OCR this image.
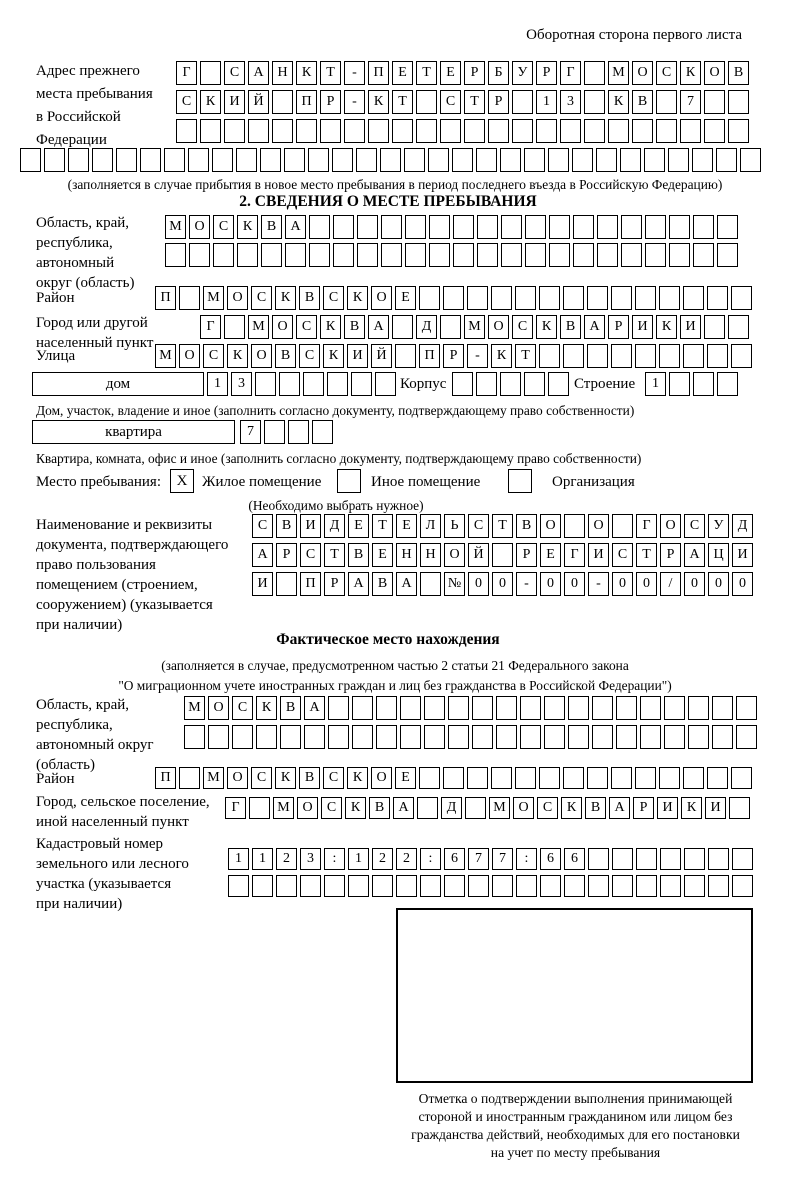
Оборотная сторона первого листа
Адрес прежнего
места пребывания
в Российской
Федерации
Г	С	А Н	К	Т	-	П	Е	Т	Е	Р	Б	У	Р	Г	М О	С	К	О	В
С	К	И Й	П	Р	-	К	Т	С	Т	Р	1	3	К	В	7
(заполняется в случае прибытия в новое место пребывания в период последнего въезда в Российскую Федерацию)
2. СВЕДЕНИЯ О МЕСТЕ ПРЕБЫВАНИЯ
Область, край,
республика,
автономный
округ (область)
М О	С	К	В	А
Район	П	М О	С	К	В	С	К	О	Е
Город или другой
населенный пункт
Г	М О	С	К	В	А	Д	М О	С	К	В	А	Р	И	К	И
Улица	М О	С	К	О	В	С	К	И Й	П	Р	-	К	Т
дом	1	3	Корпус	Строение	1
Дом, участок, владение и иное (заполнить согласно документу, подтверждающему право собственности)
квартира	7
Квартира, комната, офис и иное (заполнить согласно документу, подтверждающему право собственности)
Место пребывания:	X Жилое помещение	Иное помещение	Организация
(Необходимо выбрать нужное)
Наименование и реквизиты
документа, подтверждающего
право пользования
помещением (строением,
сооружением) (указывается
при наличии)
С	В	И	Д	Е	Т	Е	Л	Ь	С	Т	В	О	О	Г	О	С	У	Д
А	Р	С	Т	В	Е	Н Н О Й	Р	Е	Г	И	С	Т	Р	А Ц И
И	П	Р	А	В	А	№ 0	0	-	0	0	-	0	0	/	0	0	0
Фактическое место нахождения
(заполняется в случае, предусмотренном частью 2 статьи 21 Федерального закона
"О миграционном учете иностранных граждан и лиц без гражданства в Российской Федерации")
Область, край,
республика,
автономный округ
(область)
М О	С	К	В	А
Район	П	М О	С	К	В	С	К	О	Е
Город, сельское поселение,
иной населенный пункт
Г	М О	С	К	В	А	Д	М О	С	К	В	А	Р	И	К	И
Кадастровый номер
земельного или лесного
участка (указывается
при наличии)
1	1	2	3	:	1	2	2	:	6	7	7	:	6	6
Отметка о подтверждении выполнения принимающей
стороной и иностранным гражданином или лицом без
гражданства действий, необходимых для его постановки
на учет по месту пребывания
